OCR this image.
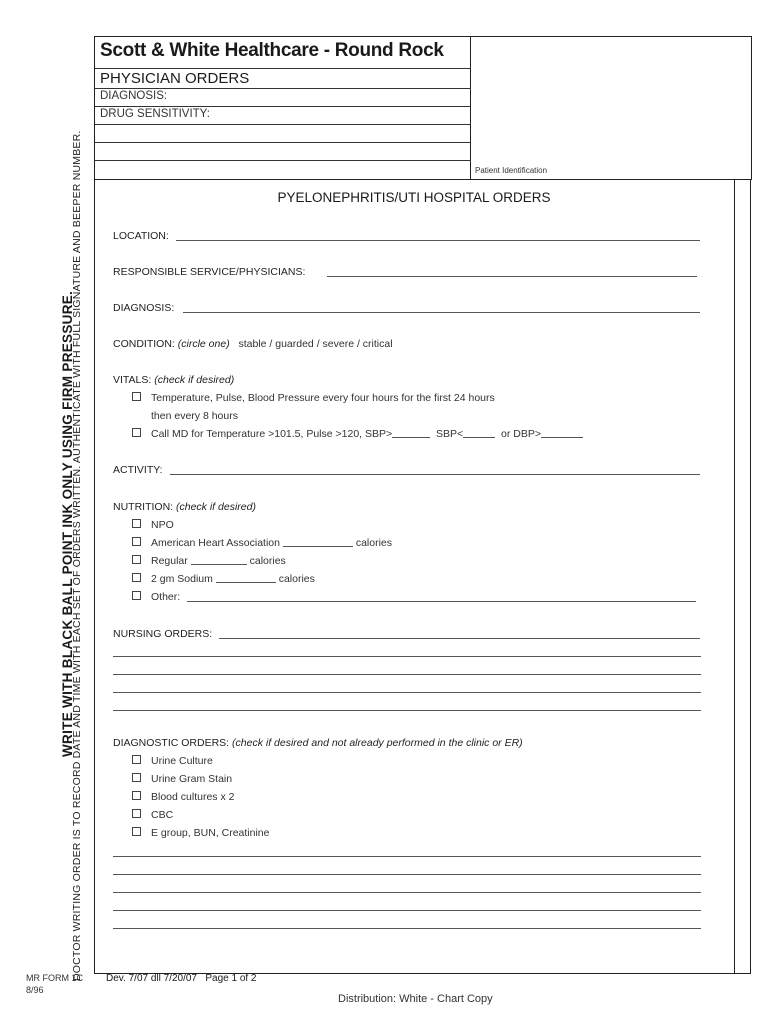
Scott & White Healthcare - Round Rock
PHYSICIAN ORDERS
DIAGNOSIS:
DRUG SENSITIVITY:
Patient Identification
WRITE WITH BLACK BALL POINT INK ONLY USING FIRM PRESSURE.
DOCTOR WRITING ORDER IS TO RECORD DATE AND TIME WITH EACH SET OF ORDERS WRITTEN. AUTHENTICATE WITH FULL SIGNATURE AND BEEPER NUMBER.	PYELONEPHRITIS/UTI HOSPITAL ORDERS
LOCATION:
RESPONSIBLE SERVICE/PHYSICIANS:
DIAGNOSIS:
CONDITION: (circle one) stable / guarded / severe / critical
VITALS: (check if desired)
Temperature, Pulse, Blood Pressure every four hours for the first 24 hours
then every 8 hours
Call MD for Temperature >101.5, Pulse >120, SBP>	SBP<	or DBP>
ACTIVITY:
NUTRITION: (check if desired)
NPO
American Heart Association	calories
Regular	calories
2 gm Sodium	calories
Other:
NURSING ORDERS:
DIAGNOSTIC ORDERS: (check if desired and not already performed in the clinic or ER)
Urine Culture
Urine Gram Stain
Blood cultures x 2
CBC
E group, BUN, Creatinine
MR FORM 1C
8/96
Dev. 7/07 dll 7/20/07 Page 1 of 2
Distribution: White - Chart Copy
